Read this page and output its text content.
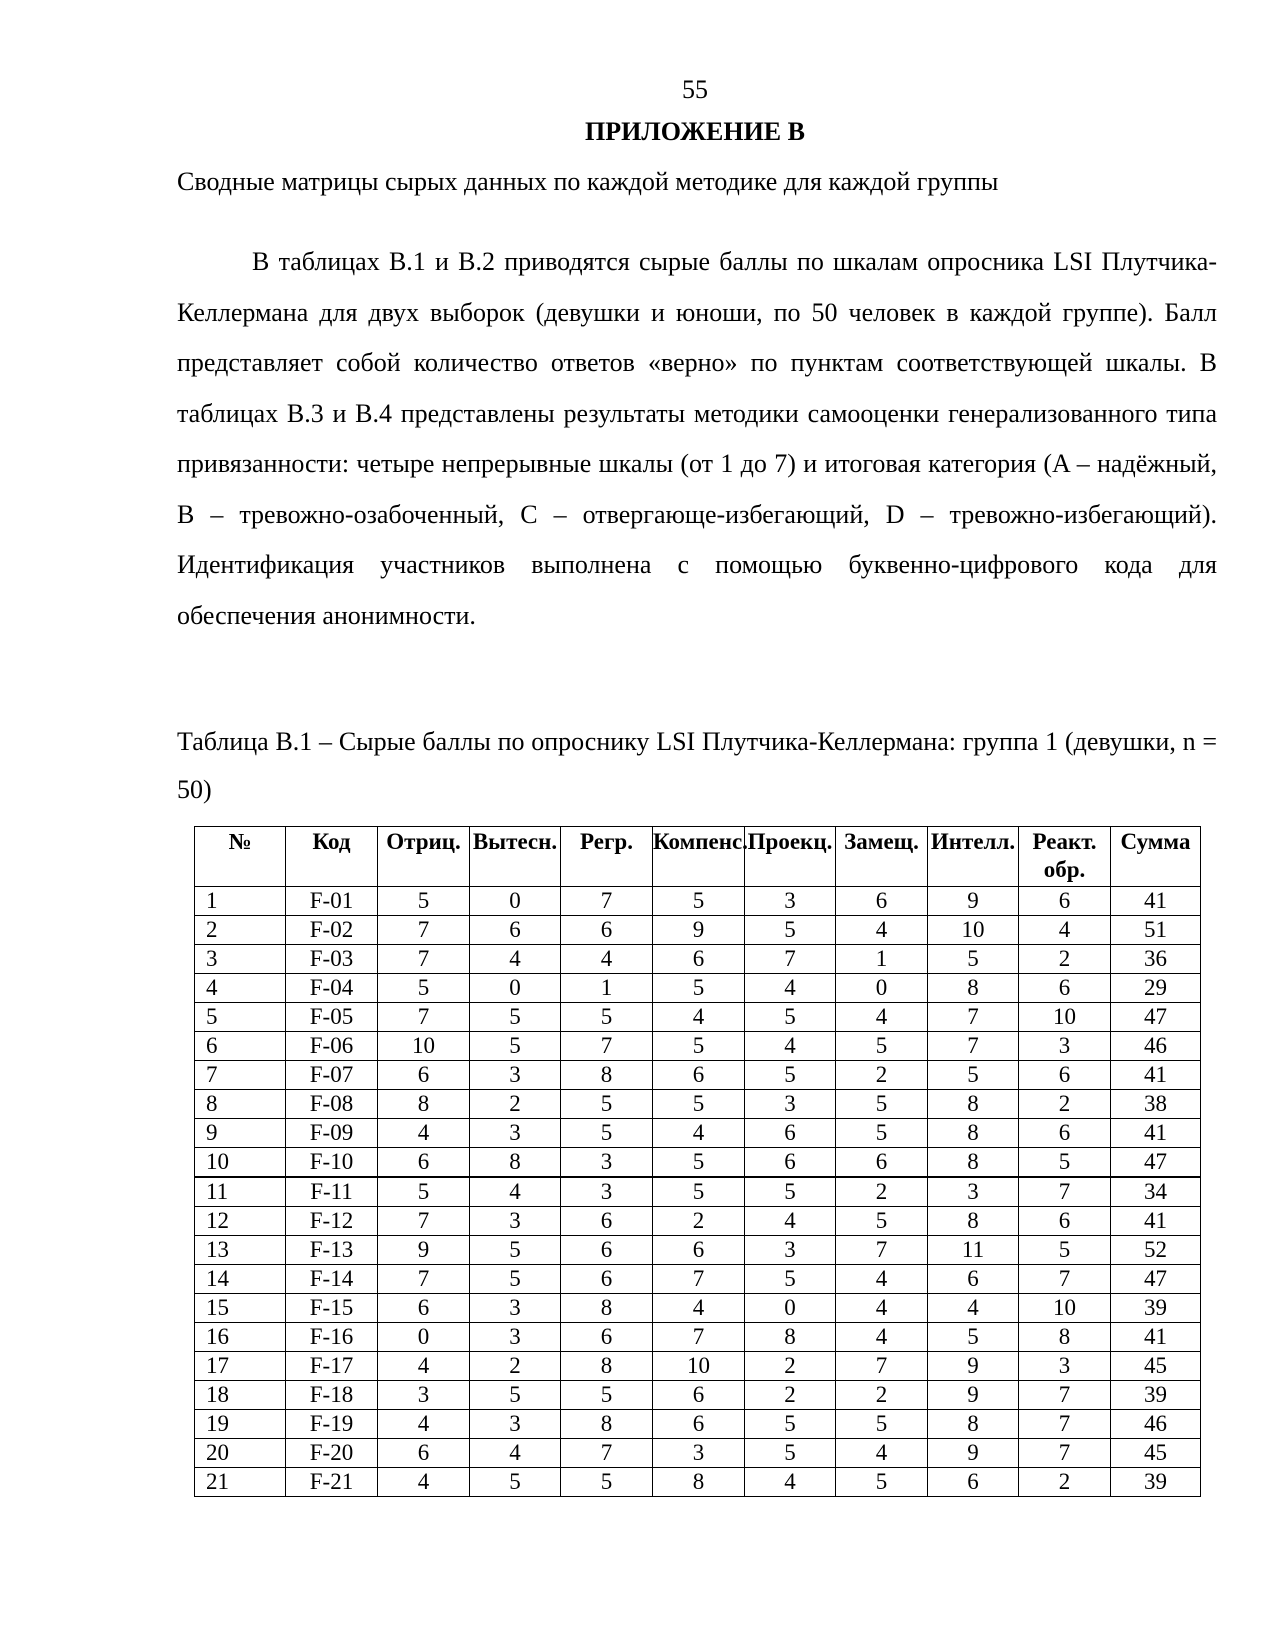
55
ПРИЛОЖЕНИЕ В
Сводные матрицы сырых данных по каждой методике для каждой группы

В таблицах В.1 и В.2 приводятся сырые баллы по шкалам опросника LSI Плутчика-Келлермана для двух выборок (девушки и юноши, по 50 человек в каждой группе). Балл представляет собой количество ответов «верно» по пунктам соответствующей шкалы. В таблицах В.3 и В.4 представлены результаты методики самооценки генерализованного типа привязанности: четыре непрерывные шкалы (от 1 до 7) и итоговая категория (A – надёжный, B – тревожно-озабоченный, C – отвергающе-избегающий, D – тревожно-избегающий). Идентификация участников выполнена с помощью буквенно-цифрового кода для обеспечения анонимности.

Таблица В.1 – Сырые баллы по опроснику LSI Плутчика-Келлермана: группа 1 (девушки, n = 50)

№	Код	Отриц.	Вытесн.	Регр.	Компенс.	Проекц.	Замещ.	Интелл.	Реакт. обр.	Сумма
1	F-01	5	0	7	5	3	6	9	6	41
2	F-02	7	6	6	9	5	4	10	4	51
3	F-03	7	4	4	6	7	1	5	2	36
4	F-04	5	0	1	5	4	0	8	6	29
5	F-05	7	5	5	4	5	4	7	10	47
6	F-06	10	5	7	5	4	5	7	3	46
7	F-07	6	3	8	6	5	2	5	6	41
8	F-08	8	2	5	5	3	5	8	2	38
9	F-09	4	3	5	4	6	5	8	6	41
10	F-10	6	8	3	5	6	6	8	5	47
11	F-11	5	4	3	5	5	2	3	7	34
12	F-12	7	3	6	2	4	5	8	6	41
13	F-13	9	5	6	6	3	7	11	5	52
14	F-14	7	5	6	7	5	4	6	7	47
15	F-15	6	3	8	4	0	4	4	10	39
16	F-16	0	3	6	7	8	4	5	8	41
17	F-17	4	2	8	10	2	7	9	3	45
18	F-18	3	5	5	6	2	2	9	7	39
19	F-19	4	3	8	6	5	5	8	7	46
20	F-20	6	4	7	3	5	4	9	7	45
21	F-21	4	5	5	8	4	5	6	2	39
